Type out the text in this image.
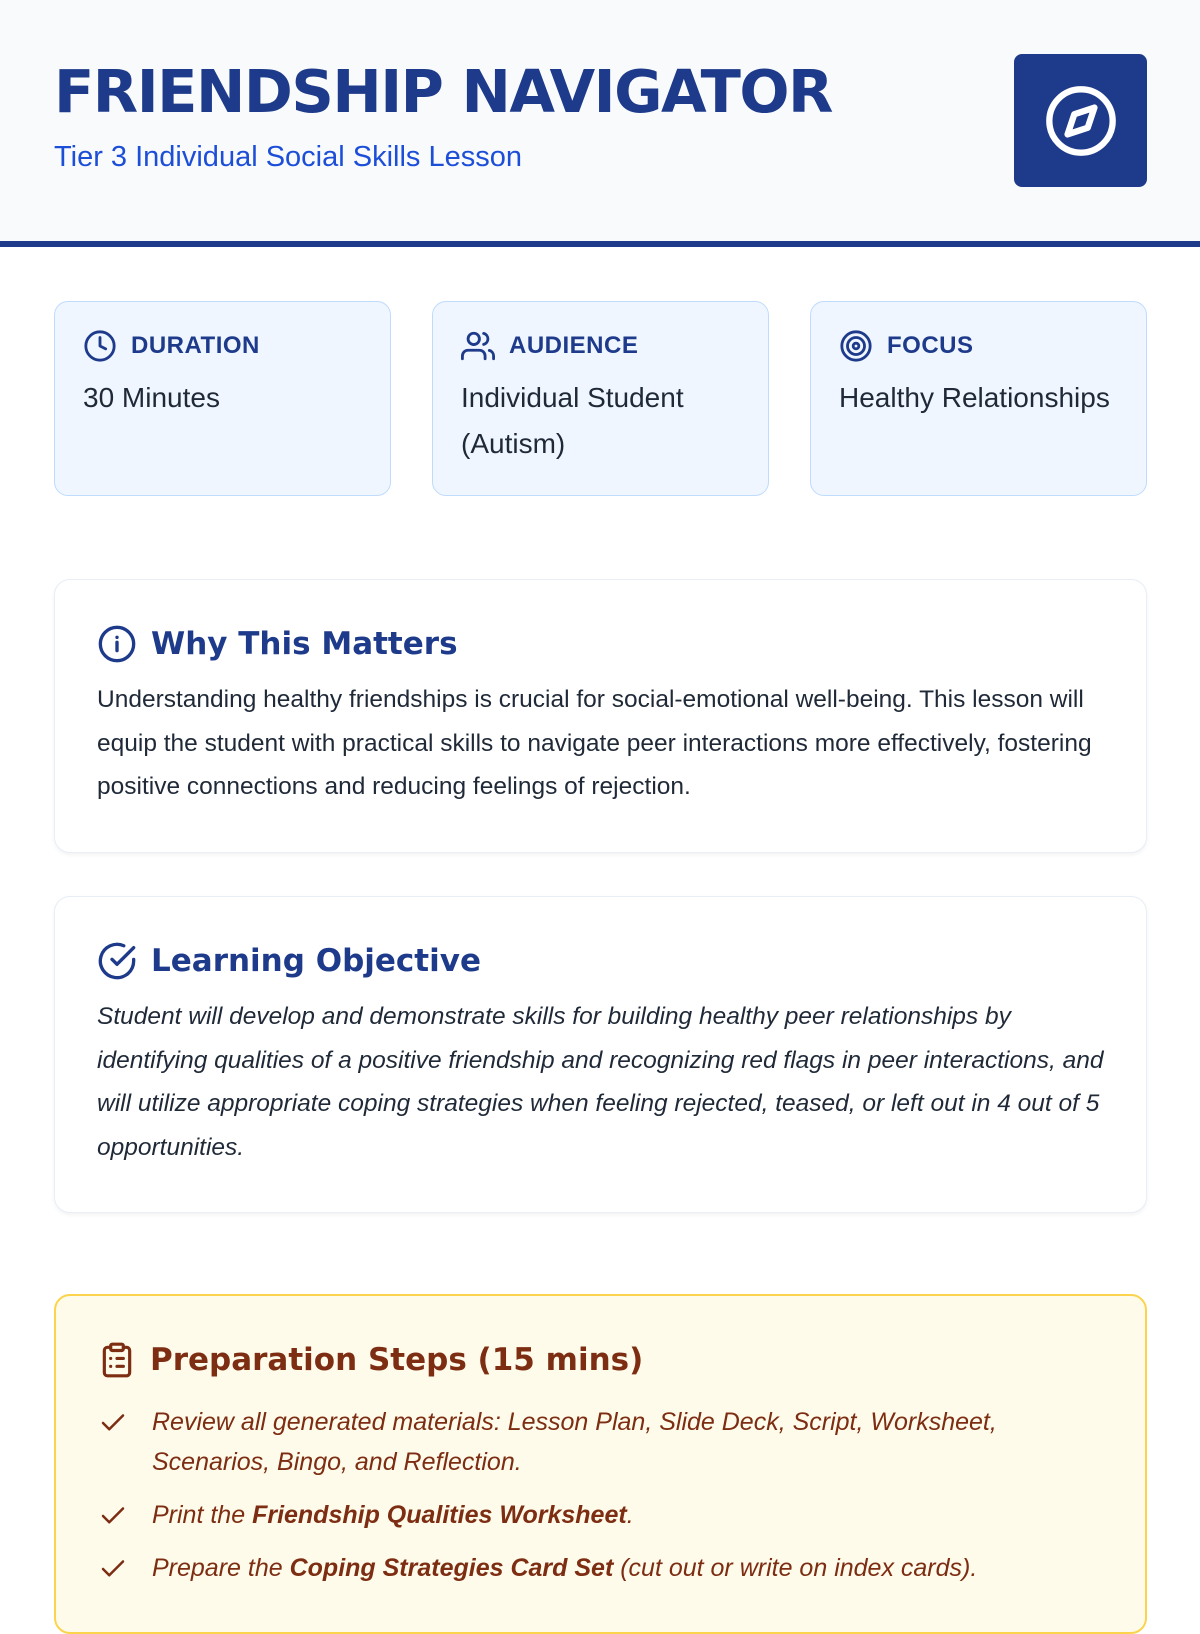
FRIENDSHIP NAVIGATOR
Tier 3 Individual Social Skills Lesson
DURATION
30 Minutes
AUDIENCE
Individual Student (Autism)
FOCUS
Healthy Relationships
Why This Matters

Understanding healthy friendships is crucial for social-emotional well-being. This lesson will equip the student with practical skills to navigate peer interactions more effectively, fostering positive connections and reducing feelings of rejection.

Learning Objective

Student will develop and demonstrate skills for building healthy peer relationships by identifying qualities of a positive friendship and recognizing red flags in peer interactions, and will utilize appropriate coping strategies when feeling rejected, teased, or left out in 4 out of 5 opportunities.

Preparation Steps (15 mins)
Review all generated materials: Lesson Plan, Slide Deck, Script, Worksheet, Scenarios, Bingo, and Reflection.
Print the Friendship Qualities Worksheet.
Prepare the Coping Strategies Card Set (cut out or write on index cards).
